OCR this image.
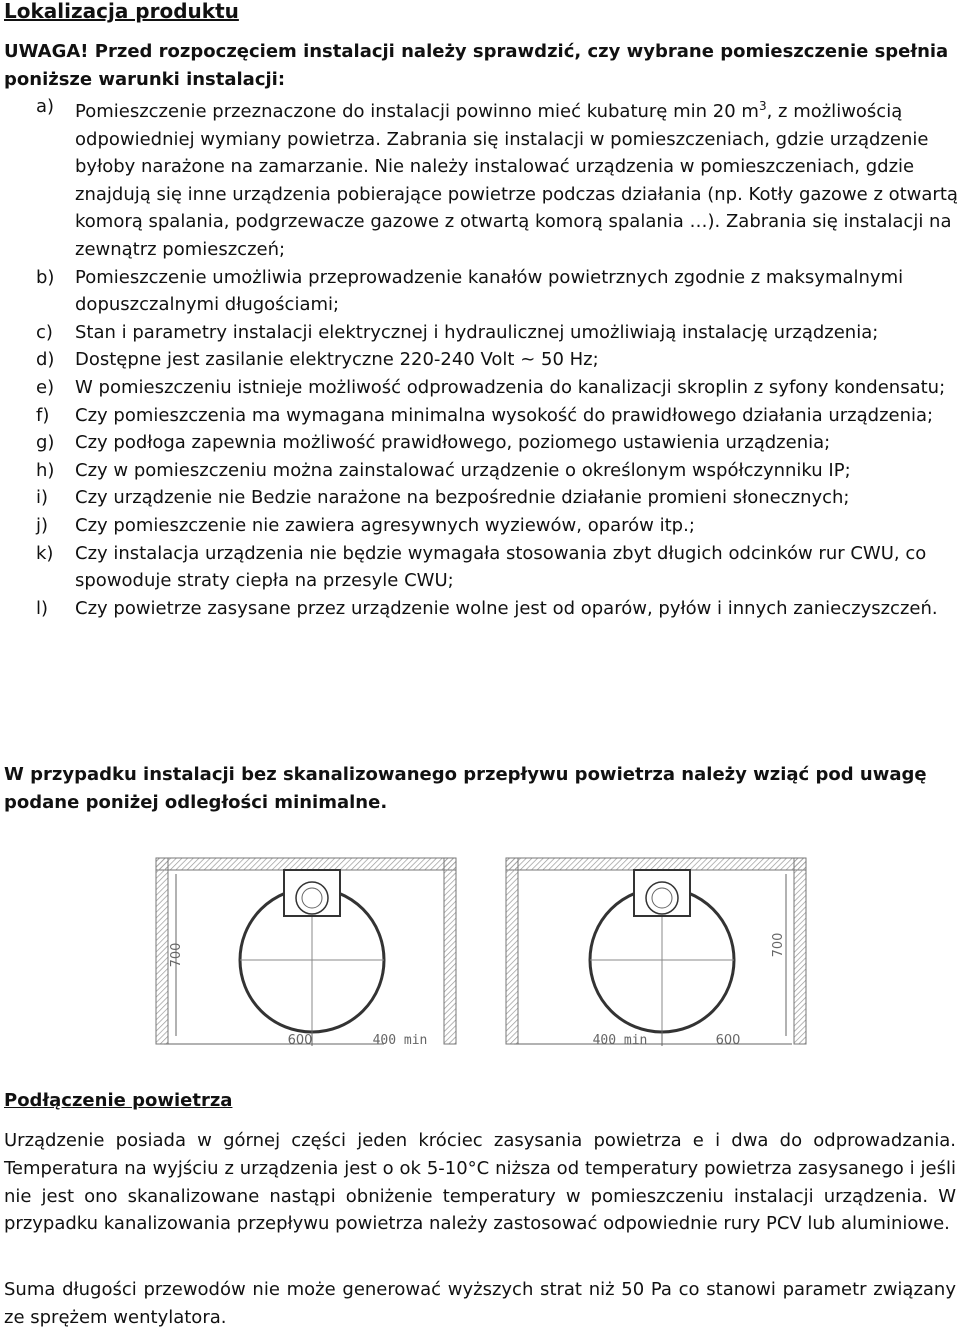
Lokalizacja produktu

UWAGA! Przed rozpoczęciem instalacji należy sprawdzić, czy wybrane pomieszczenie spełnia poniższe warunki instalacji:

a) Pomieszczenie przeznaczone do instalacji powinno mieć kubaturę min 20 $m^3$, z możliwością odpowiedniej wymiany powietrza. Zabrania się instalacji w pomieszczeniach, gdzie urządzenie byłoby narażone na zamarzanie. Nie należy instalować urządzenia w pomieszczeniach, gdzie znajdują się inne urządzenia pobierające powietrze podczas działania (np. Kotły gazowe z otwartą komorą spalania, podgrzewacze gazowe z otwartą komorą spalania …). Zabrania się instalacji na zewnątrz pomieszczeń;
b) Pomieszczenie umożliwia przeprowadzenie kanałów powietrznych zgodnie z maksymalnymi dopuszczalnymi długościami;
c) Stan i parametry instalacji elektrycznej i hydraulicznej umożliwiają instalację urządzenia;
d) Dostępne jest zasilanie elektryczne 220-240 Volt ~ 50 Hz;
e) W pomieszczeniu istnieje możliwość odprowadzenia do kanalizacji skroplin z syfony kondensatu;
f) Czy pomieszczenia ma wymagana minimalna wysokość do prawidłowego działania urządzenia;
g) Czy podłoga zapewnia możliwość prawidłowego, poziomego ustawienia urządzenia;
h) Czy w pomieszczeniu można zainstalować urządzenie o określonym współczynniku IP;
i) Czy urządzenie nie Bedzie narażone na bezpośrednie działanie promieni słonecznych;
j) Czy pomieszczenie nie zawiera agresywnych wyziewów, oparów itp.;
k) Czy instalacja urządzenia nie będzie wymagała stosowania zbyt długich odcinków rur CWU, co spowoduje straty ciepła na przesyle CWU;
l) Czy powietrze zasysane przez urządzenie wolne jest od oparów, pyłów i innych zanieczyszczeń.

W przypadku instalacji bez skanalizowanego przepływu powietrza należy wziąć pod uwagę podane poniżej odległości minimalne.

700
600	400 min
700
400 min	600
Podłączenie powietrza

Urządzenie posiada w górnej części jeden króciec zasysania powietrza e i dwa do odprowadzania. Temperatura na wyjściu z urządzenia jest o ok 5-10°C niższa od temperatury powietrza zasysanego i jeśli nie jest ono skanalizowane nastąpi obniżenie temperatury w pomieszczeniu instalacji urządzenia. W przypadku kanalizowania przepływu powietrza należy zastosować odpowiednie rury PCV lub aluminiowe.

Suma długości przewodów nie może generować wyższych strat niż 50 Pa co stanowi parametr związany ze sprężem wentylatora.
